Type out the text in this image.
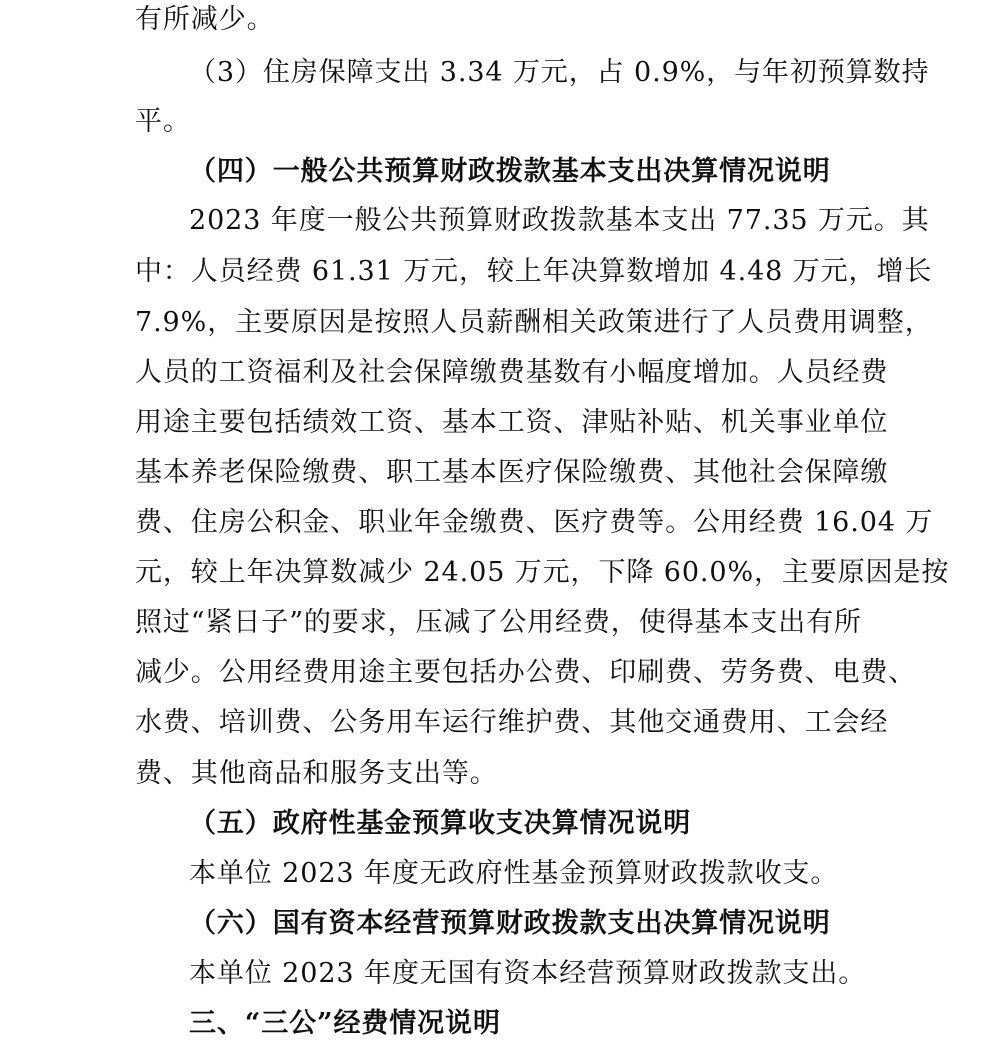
有所减少。
（3）住房保障支出 3.34 万元，占 0.9%，与年初预算数持
平。
（四）一般公共预算财政拨款基本支出决算情况说明
2023 年度一般公共预算财政拨款基本支出 77.35 万元。其
中：人员经费 61.31 万元，较上年决算数增加 4.48 万元，增长
7.9%，主要原因是按照人员薪酬相关政策进行了人员费用调整，
人员的工资福利及社会保障缴费基数有小幅度增加。人员经费
用途主要包括绩效工资、基本工资、津贴补贴、机关事业单位
基本养老保险缴费、职工基本医疗保险缴费、其他社会保障缴
费、住房公积金、职业年金缴费、医疗费等。公用经费 16.04 万
元，较上年决算数减少 24.05 万元，下降 60.0%，主要原因是按
照过“紧日子”的要求，压减了公用经费，使得基本支出有所
减少。公用经费用途主要包括办公费、印刷费、劳务费、电费、
水费、培训费、公务用车运行维护费、其他交通费用、工会经
费、其他商品和服务支出等。
（五）政府性基金预算收支决算情况说明
本单位 2023 年度无政府性基金预算财政拨款收支。
（六）国有资本经营预算财政拨款支出决算情况说明
本单位 2023 年度无国有资本经营预算财政拨款支出。
三、“三公”经费情况说明
